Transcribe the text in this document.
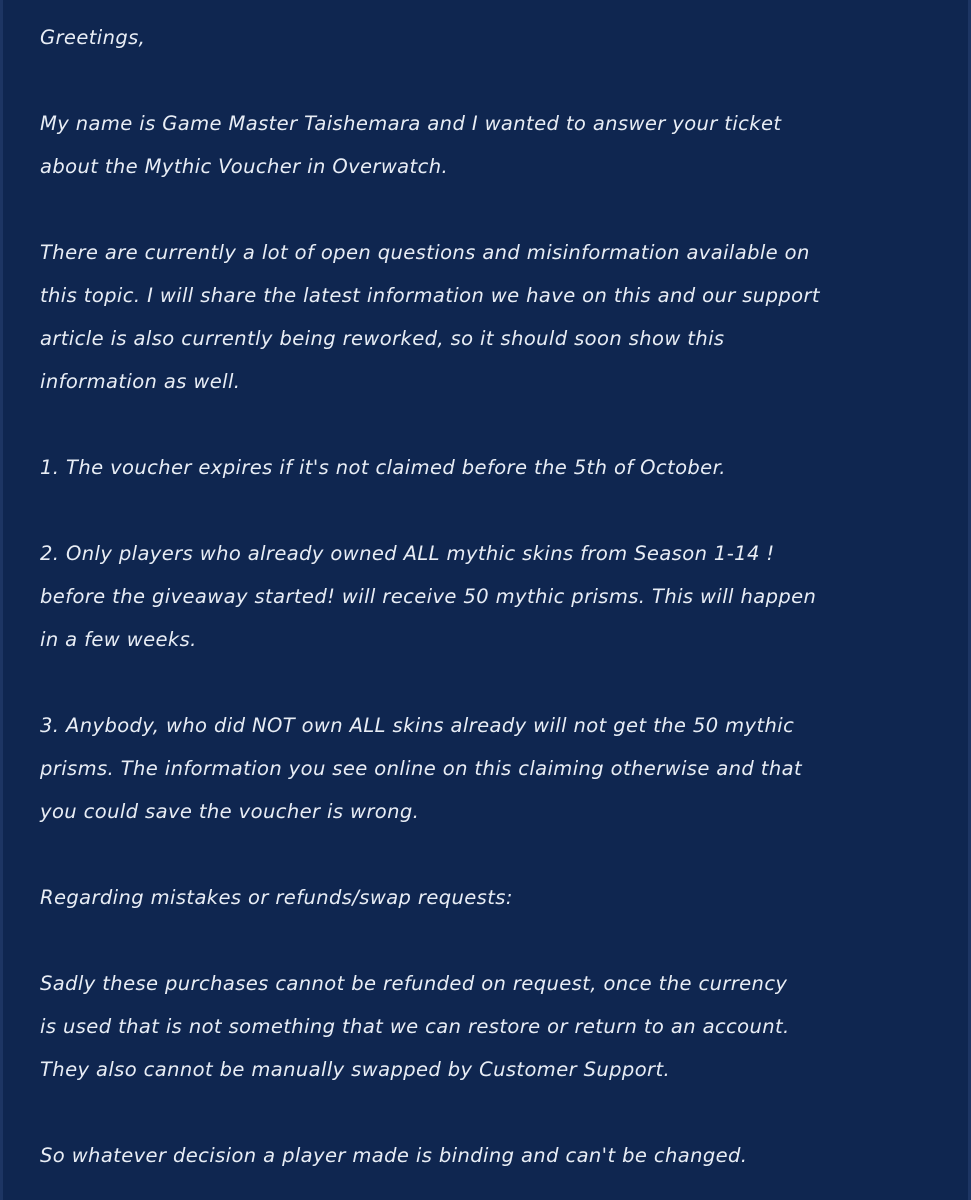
Greetings,

My name is Game Master Taishemara and I wanted to answer your ticket

about the Mythic Voucher in Overwatch.

There are currently a lot of open questions and misinformation available on

this topic. I will share the latest information we have on this and our support

article is also currently being reworked, so it should soon show this

information as well.

1. The voucher expires if it's not claimed before the 5th of October.

2. Only players who already owned ALL mythic skins from Season 1-14 !

before the giveaway started! will receive 50 mythic prisms. This will happen

in a few weeks.

3. Anybody, who did NOT own ALL skins already will not get the 50 mythic

prisms. The information you see online on this claiming otherwise and that

you could save the voucher is wrong.

Regarding mistakes or refunds/swap requests:

Sadly these purchases cannot be refunded on request, once the currency

is used that is not something that we can restore or return to an account.

They also cannot be manually swapped by Customer Support.

So whatever decision a player made is binding and can't be changed.
